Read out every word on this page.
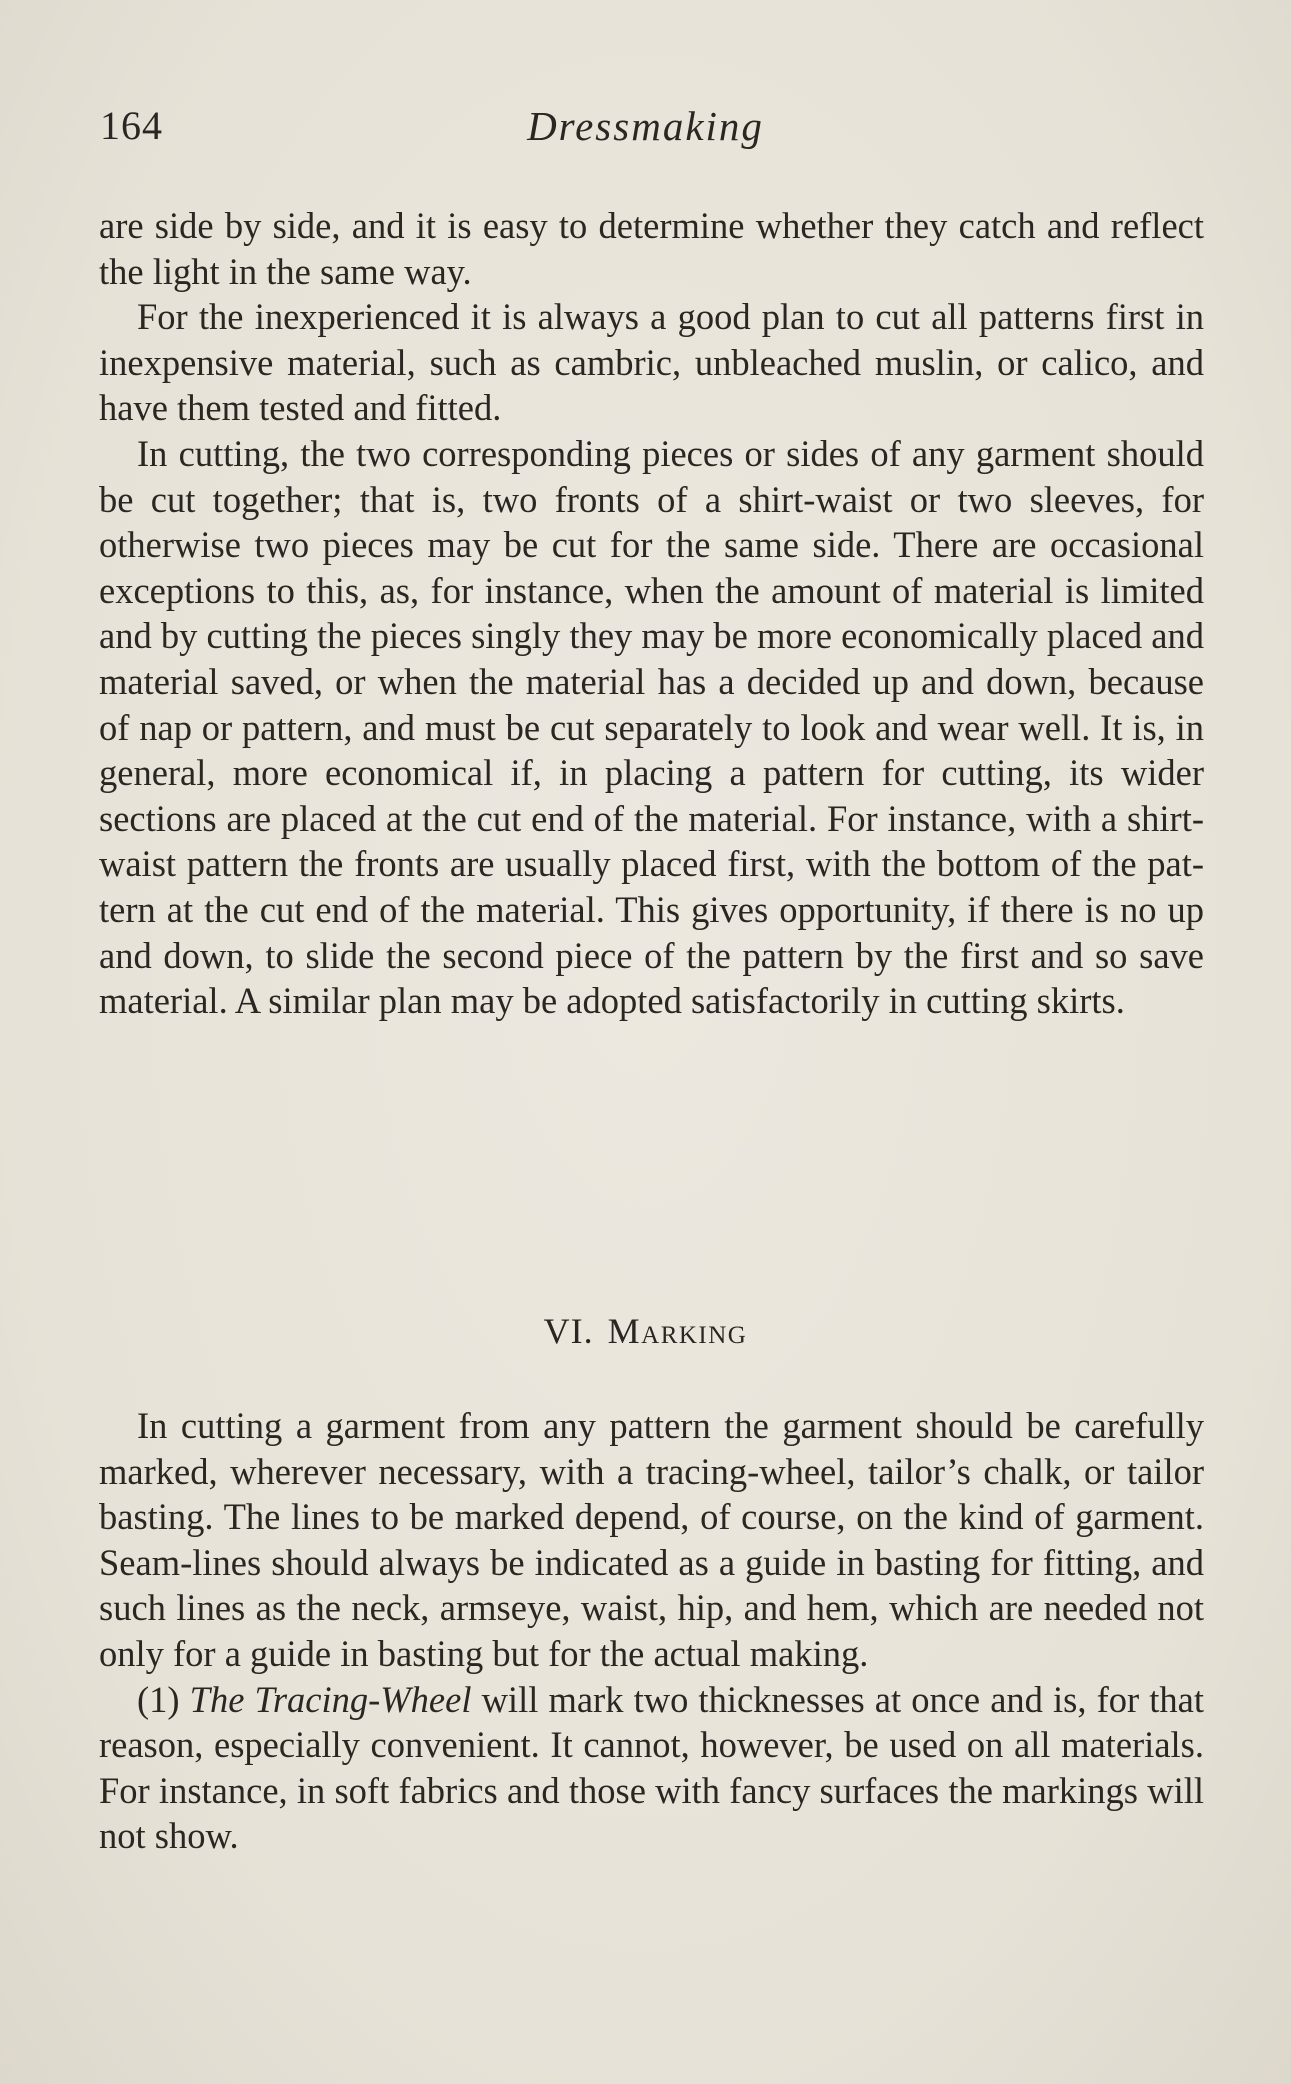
164	Dressmaking

are side by side, and it is easy to determine whether they catch and reflect the light in the same way.

For the inexperienced it is always a good plan to cut all patterns first in inexpensive material, such as cambric, unbleached muslin, or calico, and have them tested and fitted.

In cutting, the two corresponding pieces or sides of any garment should be cut together; that is, two fronts of a shirt-waist or two sleeves, for otherwise two pieces may be cut for the same side. There are occasional exceptions to this, as, for instance, when the amount of material is limited and by cutting the pieces singly they may be more economically placed and material saved, or when the material has a decided up and down, because of nap or pattern, and must be cut separately to look and wear well. It is, in general, more economical if, in placing a pattern for cutting, its wider sections are placed at the cut end of the material. For instance, with a shirt-waist pattern the fronts are usually placed first, with the bottom of the pattern at the cut end of the material. This gives opportunity, if there is no up and down, to slide the second piece of the pattern by the first and so save material. A similar plan may be adopted satisfactorily in cutting skirts.

VI. Marking

In cutting a garment from any pattern the garment should be carefully marked, wherever necessary, with a tracing-wheel, tailor’s chalk, or tailor basting. The lines to be marked depend, of course, on the kind of garment. Seam-lines should always be indicated as a guide in basting for fitting, and such lines as the neck, armseye, waist, hip, and hem, which are needed not only for a guide in basting but for the actual making.

(1) The Tracing-Wheel will mark two thicknesses at once and is, for that reason, especially convenient. It cannot, however, be used on all materials. For instance, in soft fabrics and those with fancy surfaces the markings will not show.
